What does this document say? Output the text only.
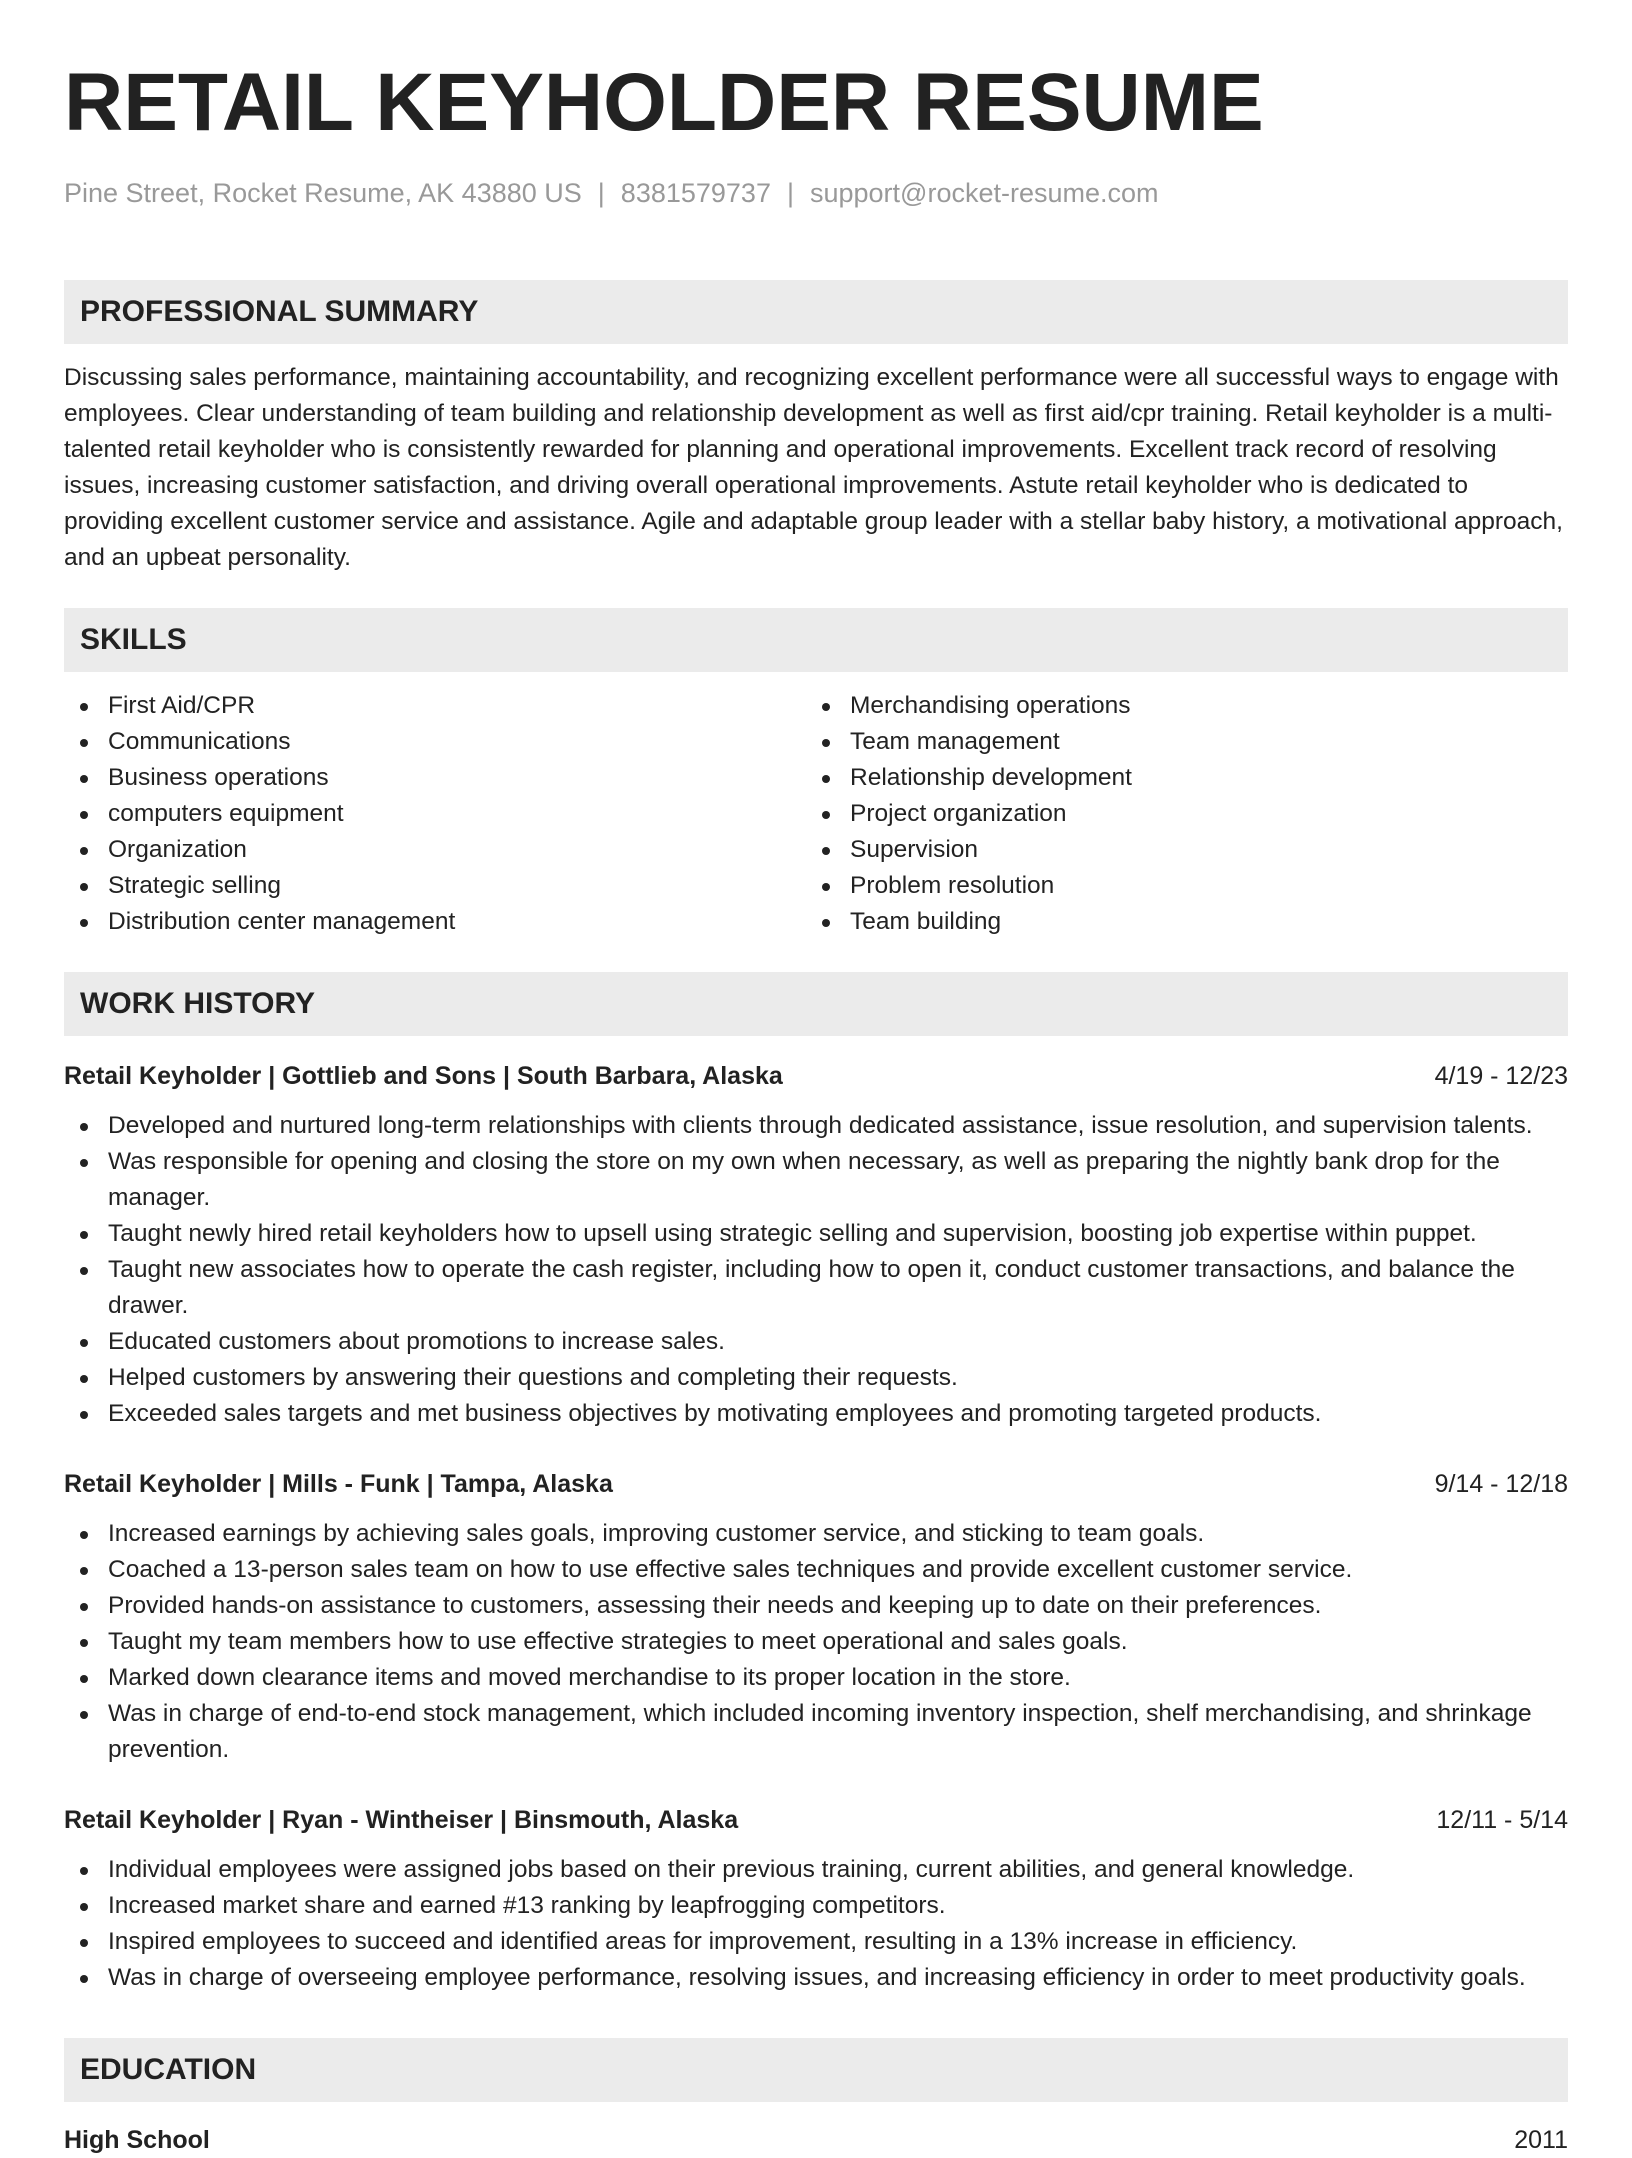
RETAIL KEYHOLDER RESUME
Pine Street, Rocket Resume, AK 43880 US | 8381579737 | support@rocket-resume.com
PROFESSIONAL SUMMARY
Discussing sales performance, maintaining accountability, and recognizing excellent performance were all successful ways to engage with employees. Clear understanding of team building and relationship development as well as first aid/cpr training. Retail keyholder is a multi-talented retail keyholder who is consistently rewarded for planning and operational improvements. Excellent track record of resolving issues, increasing customer satisfaction, and driving overall operational improvements. Astute retail keyholder who is dedicated to providing excellent customer service and assistance. Agile and adaptable group leader with a stellar baby history, a motivational approach, and an upbeat personality.
SKILLS
First Aid/CPR
Communications
Business operations
computers equipment
Organization
Strategic selling
Distribution center management
Merchandising operations
Team management
Relationship development
Project organization
Supervision
Problem resolution
Team building
WORK HISTORY
Retail Keyholder | Gottlieb and Sons | South Barbara, Alaska	4/19 - 12/23
Developed and nurtured long-term relationships with clients through dedicated assistance, issue resolution, and supervision talents.
Was responsible for opening and closing the store on my own when necessary, as well as preparing the nightly bank drop for the manager.
Taught newly hired retail keyholders how to upsell using strategic selling and supervision, boosting job expertise within puppet.
Taught new associates how to operate the cash register, including how to open it, conduct customer transactions, and balance the drawer.
Educated customers about promotions to increase sales.
Helped customers by answering their questions and completing their requests.
Exceeded sales targets and met business objectives by motivating employees and promoting targeted products.
Retail Keyholder | Mills - Funk | Tampa, Alaska	9/14 - 12/18
Increased earnings by achieving sales goals, improving customer service, and sticking to team goals.
Coached a 13-person sales team on how to use effective sales techniques and provide excellent customer service.
Provided hands-on assistance to customers, assessing their needs and keeping up to date on their preferences.
Taught my team members how to use effective strategies to meet operational and sales goals.
Marked down clearance items and moved merchandise to its proper location in the store.
Was in charge of end-to-end stock management, which included incoming inventory inspection, shelf merchandising, and shrinkage prevention.
Retail Keyholder | Ryan - Wintheiser | Binsmouth, Alaska	12/11 - 5/14
Individual employees were assigned jobs based on their previous training, current abilities, and general knowledge.
Increased market share and earned #13 ranking by leapfrogging competitors.
Inspired employees to succeed and identified areas for improvement, resulting in a 13% increase in efficiency.
Was in charge of overseeing employee performance, resolving issues, and increasing efficiency in order to meet productivity goals.
EDUCATION
High School	2011
